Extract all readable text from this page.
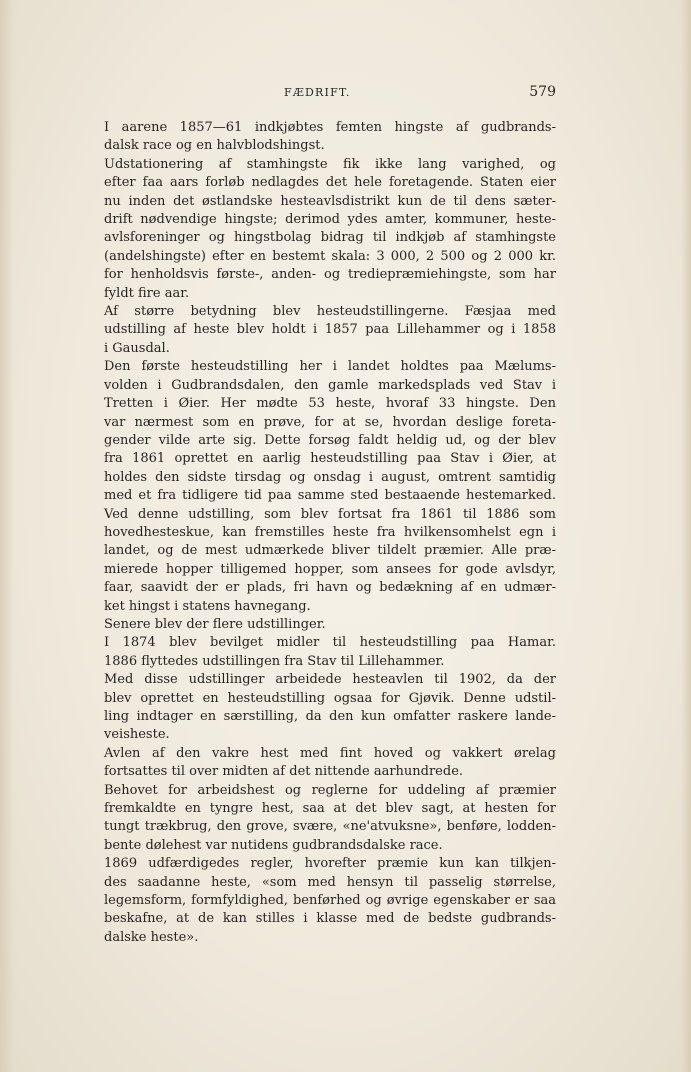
FÆDRIFT.	579
I aarene 1857—61 indkjøbtes femten hingste af gudbrands-
dalsk race og en halvblodshingst.
Udstationering af stamhingste fik ikke lang varighed, og
efter faa aars forløb nedlagdes det hele foretagende. Staten eier
nu inden det østlandske hesteavlsdistrikt kun de til dens sæter-
drift nødvendige hingste; derimod ydes amter, kommuner, heste-
avlsforeninger og hingstbolag bidrag til indkjøb af stamhingste
(andelshingste) efter en bestemt skala: 3 000, 2 500 og 2 000 kr.
for henholdsvis første-, anden- og trediepræmiehingste, som har
fyldt fire aar.
Af større betydning blev hesteudstillingerne. Fæsjaa med
udstilling af heste blev holdt i 1857 paa Lillehammer og i 1858
i Gausdal.
Den første hesteudstilling her i landet holdtes paa Mælums-
volden i Gudbrandsdalen, den gamle markedsplads ved Stav i
Tretten i Øier. Her mødte 53 heste, hvoraf 33 hingste. Den
var nærmest som en prøve, for at se, hvordan deslige foreta-
gender vilde arte sig. Dette forsøg faldt heldig ud, og der blev
fra 1861 oprettet en aarlig hesteudstilling paa Stav i Øier, at
holdes den sidste tirsdag og onsdag i august, omtrent samtidig
med et fra tidligere tid paa samme sted bestaaende hestemarked.
Ved denne udstilling, som blev fortsat fra 1861 til 1886 som
hovedhesteskue, kan fremstilles heste fra hvilkensomhelst egn i
landet, og de mest udmærkede bliver tildelt præmier. Alle præ-
mierede hopper tilligemed hopper, som ansees for gode avlsdyr,
faar, saavidt der er plads, fri havn og bedækning af en udmær-
ket hingst i statens havnegang.
Senere blev der flere udstillinger.
I 1874 blev bevilget midler til hesteudstilling paa Hamar.
1886 flyttedes udstillingen fra Stav til Lillehammer.
Med disse udstillinger arbeidede hesteavlen til 1902, da der
blev oprettet en hesteudstilling ogsaa for Gjøvik. Denne udstil-
ling indtager en særstilling, da den kun omfatter raskere lande-
veisheste.
Avlen af den vakre hest med fint hoved og vakkert ørelag
fortsattes til over midten af det nittende aarhundrede.
Behovet for arbeidshest og reglerne for uddeling af præmier
fremkaldte en tyngre hest, saa at det blev sagt, at hesten for
tungt trækbrug, den grove, svære, «ne'atvuksne», benføre, lodden-
bente dølehest var nutidens gudbrandsdalske race.
1869 udfærdigedes regler, hvorefter præmie kun kan tilkjen-
des saadanne heste, «som med hensyn til passelig størrelse,
legemsform, formfyldighed, benførhed og øvrige egenskaber er saa
beskafne, at de kan stilles i klasse med de bedste gudbrands-
dalske heste».
